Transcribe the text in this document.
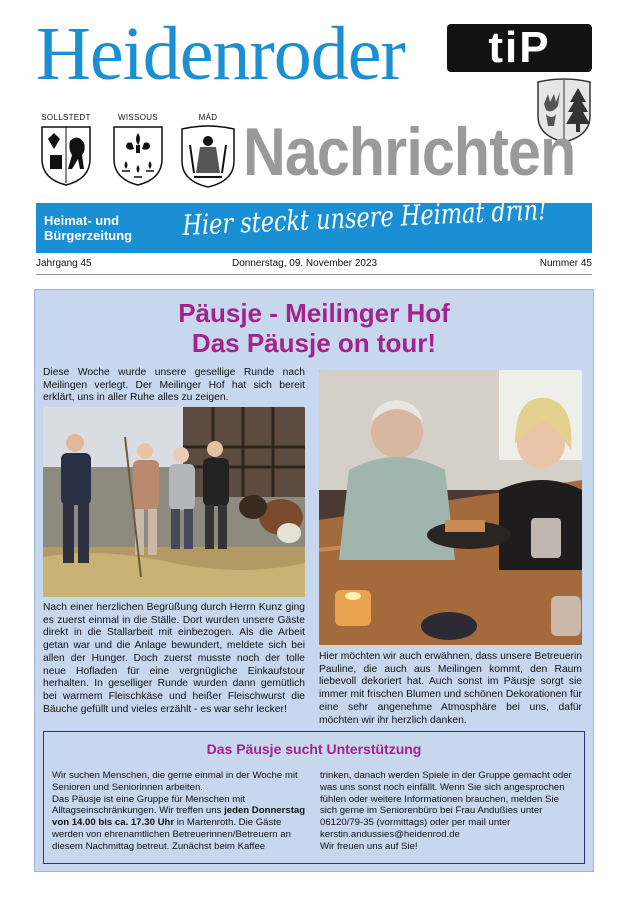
Heidenroder	tiP
SOLLSTEDT	WISSOUS	MÁD Nachrichten
Heimat- und
Bürgerzeitung Hier steckt unsere Heimat drin!
Jahrgang 45	Donnerstag, 09. November 2023	Nummer 45
Päusje - Meilinger Hof
Das Päusje on tour!
Diese Woche wurde unsere gesellige Runde nach Meilingen verlegt. Der Meilinger Hof hat sich bereit erklärt, uns in aller Ruhe alles zu zeigen.
Nach einer herzlichen Begrüßung durch Herrn Kunz ging es zuerst einmal in die Ställe. Dort wurden unsere Gäste direkt in die Stallarbeit mit einbezogen. Als die Arbeit getan war und die Anlage bewundert, meldete sich bei allen der Hunger. Doch zuerst musste noch der tolle neue Hofladen für eine vergnügliche Einkaufstour herhalten. In geselliger Runde wurden dann gemütlich bei warmem Fleischkäse und heißer Fleischwurst die Bäuche gefüllt und vieles erzählt - es war sehr lecker!
Hier möchten wir auch erwähnen, dass unsere Betreuerin Pauline, die auch aus Meilingen kommt, den Raum liebevoll dekoriert hat. Auch sonst im Päusje sorgt sie immer mit frischen Blumen und schönen Dekorationen für eine sehr angenehme Atmosphäre bei uns, dafür möchten wir ihr herzlich danken.
Das Päusje sucht Unterstützung
Wir suchen Menschen, die gerne einmal in der Woche mit Senioren und Seniorinnen arbeiten.
Das Päusje ist eine Gruppe für Menschen mit Alltagseinschränkungen. Wir treffen uns jeden Donnerstag von 14.00 bis ca. 17.30 Uhr in Martenroth. Die Gäste werden von ehrenamtlichen Betreuerinnen/Betreuern an diesem Nachmittag betreut. Zunächst beim Kaffee
trinken, danach werden Spiele in der Gruppe gemacht oder was uns sonst noch einfällt. Wenn Sie sich angesprochen fühlen oder weitere Informationen brauchen, melden Sie sich gerne im Seniorenbüro bei Frau Andußies unter 06120/79-35 (vormittags) oder per mail unter kerstin.andussies@heidenrod.de
Wir freuen uns auf Sie!
